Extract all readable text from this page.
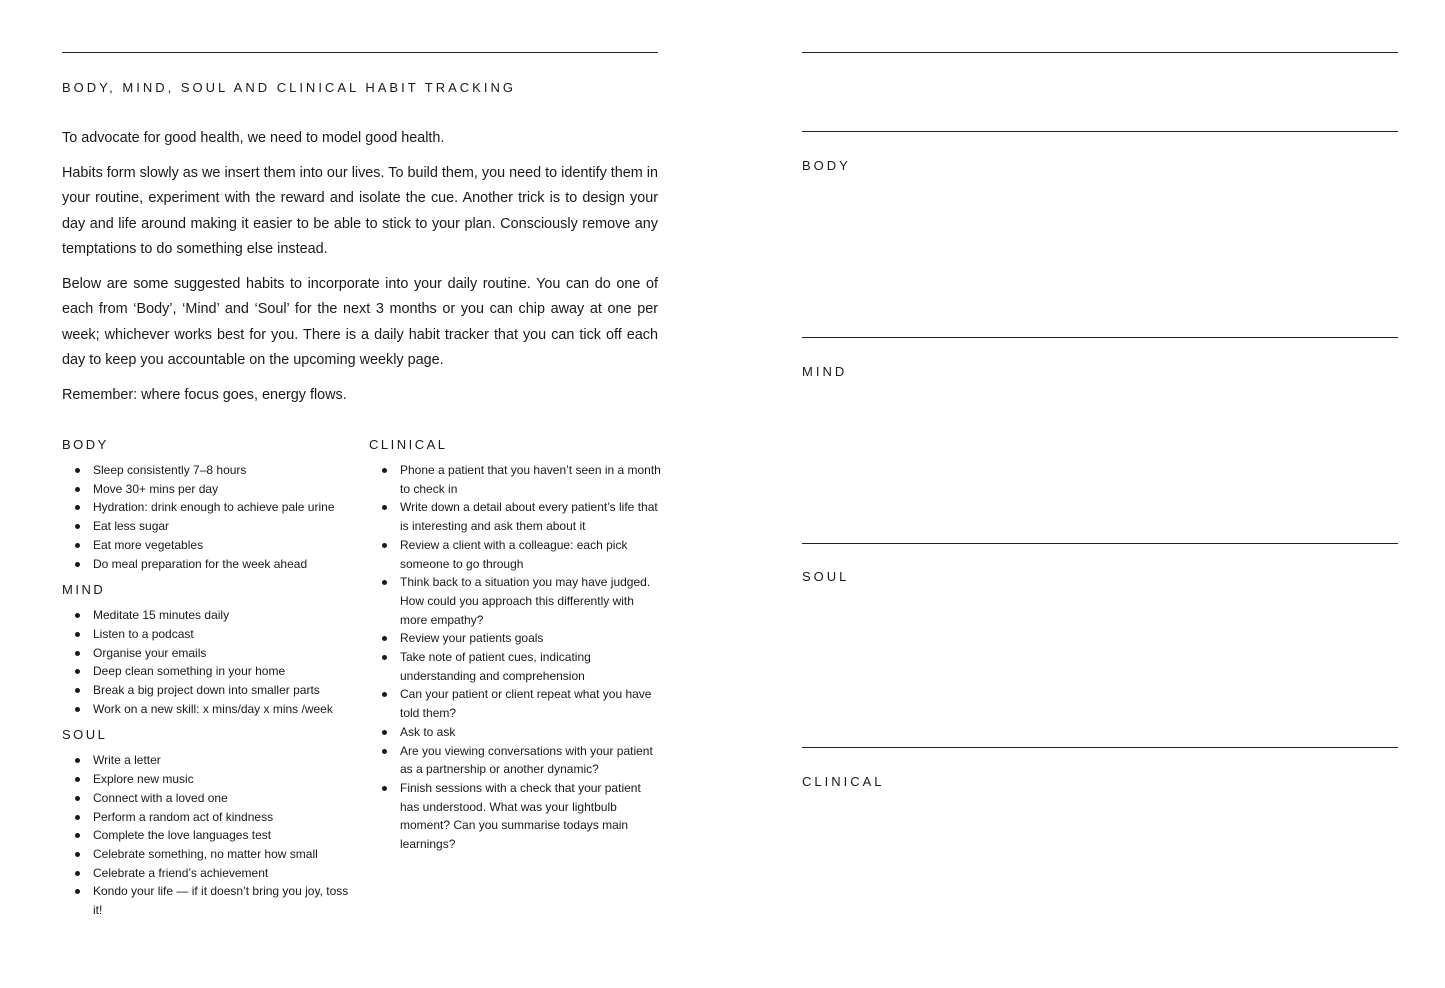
BODY, MIND, SOUL AND CLINICAL HABIT TRACKING

To advocate for good health, we need to model good health.

Habits form slowly as we insert them into our lives. To build them, you need to identify them in your routine, experiment with the reward and isolate the cue. Another trick is to design your day and life around making it easier to be able to stick to your plan. Consciously remove any temptations to do something else instead.

Below are some suggested habits to incorporate into your daily routine. You can do one of each from ‘Body’, ‘Mind’ and ‘Soul’ for the next 3 months or you can chip away at one per week; whichever works best for you. There is a daily habit tracker that you can tick off each day to keep you accountable on the upcoming weekly page.

Remember: where focus goes, energy flows.

BODY
Sleep consistently 7–8 hours
Move 30+ mins per day
Hydration: drink enough to achieve pale urine
Eat less sugar
Eat more vegetables
Do meal preparation for the week ahead
MIND
Meditate 15 minutes daily
Listen to a podcast
Organise your emails
Deep clean something in your home
Break a big project down into smaller parts
Work on a new skill: x mins/day x mins /week
SOUL
Write a letter
Explore new music
Connect with a loved one
Perform a random act of kindness
Complete the love languages test
Celebrate something, no matter how small
Celebrate a friend’s achievement
Kondo your life — if it doesn’t bring you joy, toss it!
CLINICAL
Phone a patient that you haven’t seen in a month to check in
Write down a detail about every patient’s life that is interesting and ask them about it
Review a client with a colleague: each pick someone to go through
Think back to a situation you may have judged. How could you approach this differently with more empathy?
Review your patients goals
Take note of patient cues, indicating understanding and comprehension
Can your patient or client repeat what you have told them?
Ask to ask
Are you viewing conversations with your patient as a partnership or another dynamic?
Finish sessions with a check that your patient has understood. What was your lightbulb moment? Can you summarise todays main learnings?
BODY
MIND
SOUL
CLINICAL
